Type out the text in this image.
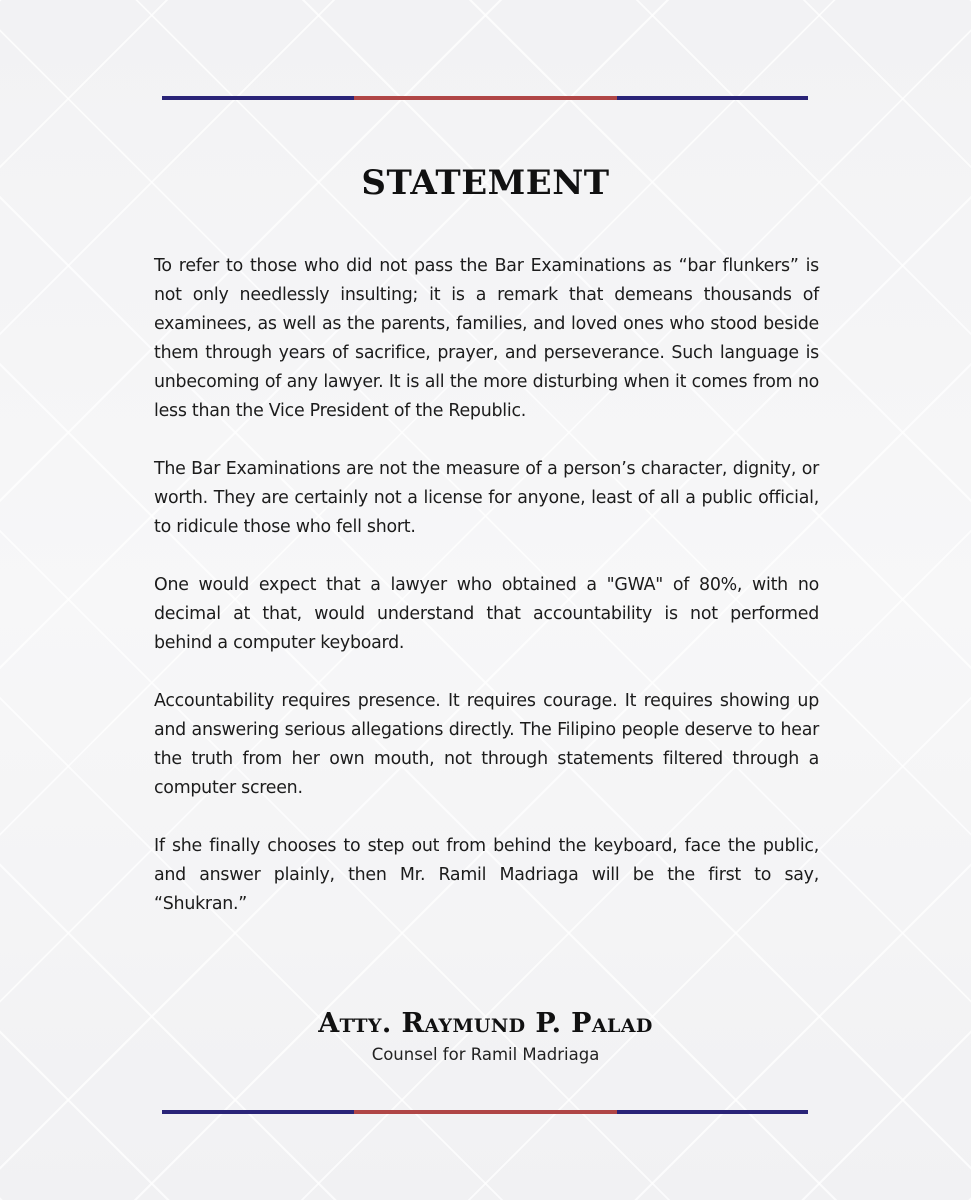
STATEMENT

To refer to those who did not pass the Bar Examinations as “bar flunkers” is not only needlessly insulting; it is a remark that demeans thousands of examinees, as well as the parents, families, and loved ones who stood beside them through years of sacrifice, prayer, and perseverance. Such language is unbecoming of any lawyer. It is all the more disturbing when it comes from no less than the Vice President of the Republic.

The Bar Examinations are not the measure of a person’s character, dignity, or worth. They are certainly not a license for anyone, least of all a public official, to ridicule those who fell short.

One would expect that a lawyer who obtained a "GWA" of 80%, with no decimal at that, would understand that accountability is not performed behind a computer keyboard.

Accountability requires presence. It requires courage. It requires showing up and answering serious allegations directly. The Filipino people deserve to hear the truth from her own mouth, not through statements filtered through a computer screen.

If she finally chooses to step out from behind the keyboard, face the public, and answer plainly, then Mr. Ramil Madriaga will be the first to say, “Shukran.”

Atty. Raymund P. Palad
Counsel for Ramil Madriaga
